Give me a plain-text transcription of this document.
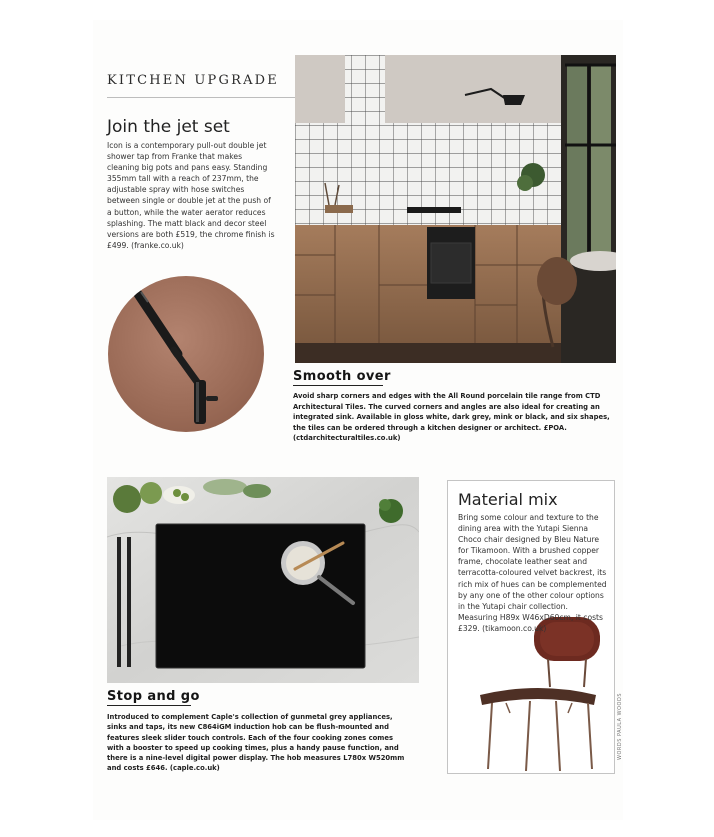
KITCHEN UPGRADE
Join the jet set

Icon is a contemporary pull-out double jet shower tap from Franke that makes cleaning big pots and pans easy. Standing 355mm tall with a reach of 237mm, the adjustable spray with hose switches between single or double jet at the push of a button, while the water aerator reduces splashing. The matt black and decor steel versions are both £519, the chrome finish is £499. (franke.co.uk)

Smooth over

Avoid sharp corners and edges with the All Round porcelain tile range from CTD Architectural Tiles. The curved corners and angles are also ideal for creating an integrated sink. Available in gloss white, dark grey, mink or black, and six shapes, the tiles can be ordered through a kitchen designer or architect. £POA. (ctdarchitecturaltiles.co.uk)

Stop and go

Introduced to complement Caple's collection of gunmetal grey appliances, sinks and taps, its new C864iGM induction hob can be flush-mounted and features sleek slider touch controls. Each of the four cooking zones comes with a booster to speed up cooking times, plus a handy pause function, and there is a nine-level digital power display. The hob measures L780x W520mm and costs £646. (caple.co.uk)

Material mix

Bring some colour and texture to the dining area with the Yutapi Sienna Choco chair designed by Bleu Nature for Tikamoon. With a brushed copper frame, chocolate leather seat and terracotta-coloured velvet backrest, its rich mix of hues can be complemented by any one of the other colour options in the Yutapi chair collection. Measuring H89x W46xD60cm, it costs £329. (tikamoon.co.uk)

WORDS PAULA WOODS
